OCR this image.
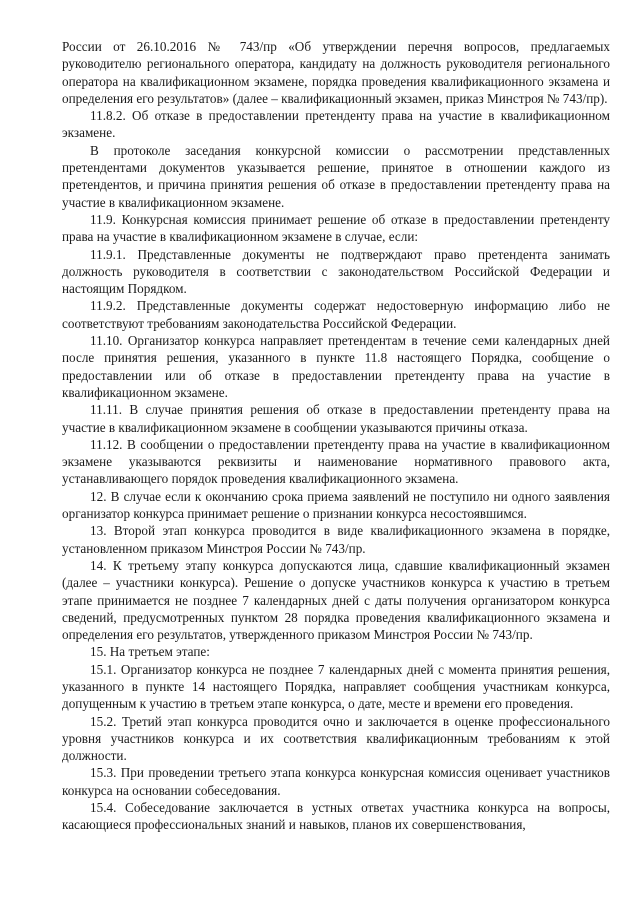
России от 26.10.2016 № 743/пр «Об утверждении перечня вопросов, предлагаемых руководителю регионального оператора, кандидату на должность руководителя регионального оператора на квалификационном экзамене, порядка проведения квалификационного экзамена и определения его результатов» (далее – квалификационный экзамен, приказ Минстроя № 743/пр).

11.8.2. Об отказе в предоставлении претенденту права на участие в квалификационном экзамене.

В протоколе заседания конкурсной комиссии о рассмотрении представленных претендентами документов указывается решение, принятое в отношении каждого из претендентов, и причина принятия решения об отказе в предоставлении претенденту права на участие в квалификационном экзамене.

11.9. Конкурсная комиссия принимает решение об отказе в предоставлении претенденту права на участие в квалификационном экзамене в случае, если:

11.9.1. Представленные документы не подтверждают право претендента занимать должность руководителя в соответствии с законодательством Российской Федерации и настоящим Порядком.

11.9.2. Представленные документы содержат недостоверную информацию либо не соответствуют требованиям законодательства Российской Федерации.

11.10. Организатор конкурса направляет претендентам в течение семи календарных дней после принятия решения, указанного в пункте 11.8 настоящего Порядка, сообщение о предоставлении или об отказе в предоставлении претенденту права на участие в квалификационном экзамене.

11.11. В случае принятия решения об отказе в предоставлении претенденту права на участие в квалификационном экзамене в сообщении указываются причины отказа.

11.12. В сообщении о предоставлении претенденту права на участие в квалификационном экзамене указываются реквизиты и наименование нормативного правового акта, устанавливающего порядок проведения квалификационного экзамена.

12. В случае если к окончанию срока приема заявлений не поступило ни одного заявления организатор конкурса принимает решение о признании конкурса несостоявшимся.

13. Второй этап конкурса проводится в виде квалификационного экзамена в порядке, установленном приказом Минстроя России № 743/пр.

14. К третьему этапу конкурса допускаются лица, сдавшие квалификационный экзамен (далее – участники конкурса). Решение о допуске участников конкурса к участию в третьем этапе принимается не позднее 7 календарных дней с даты получения организатором конкурса сведений, предусмотренных пунктом 28 порядка проведения квалификационного экзамена и определения его результатов, утвержденного приказом Минстроя России № 743/пр.

15. На третьем этапе:

15.1. Организатор конкурса не позднее 7 календарных дней с момента принятия решения, указанного в пункте 14 настоящего Порядка, направляет сообщения участникам конкурса, допущенным к участию в третьем этапе конкурса, о дате, месте и времени его проведения.

15.2. Третий этап конкурса проводится очно и заключается в оценке профессионального уровня участников конкурса и их соответствия квалификационным требованиям к этой должности.

15.3. При проведении третьего этапа конкурса конкурсная комиссия оценивает участников конкурса на основании собеседования.

15.4. Собеседование заключается в устных ответах участника конкурса на вопросы, касающиеся профессиональных знаний и навыков, планов их совершенствования,
